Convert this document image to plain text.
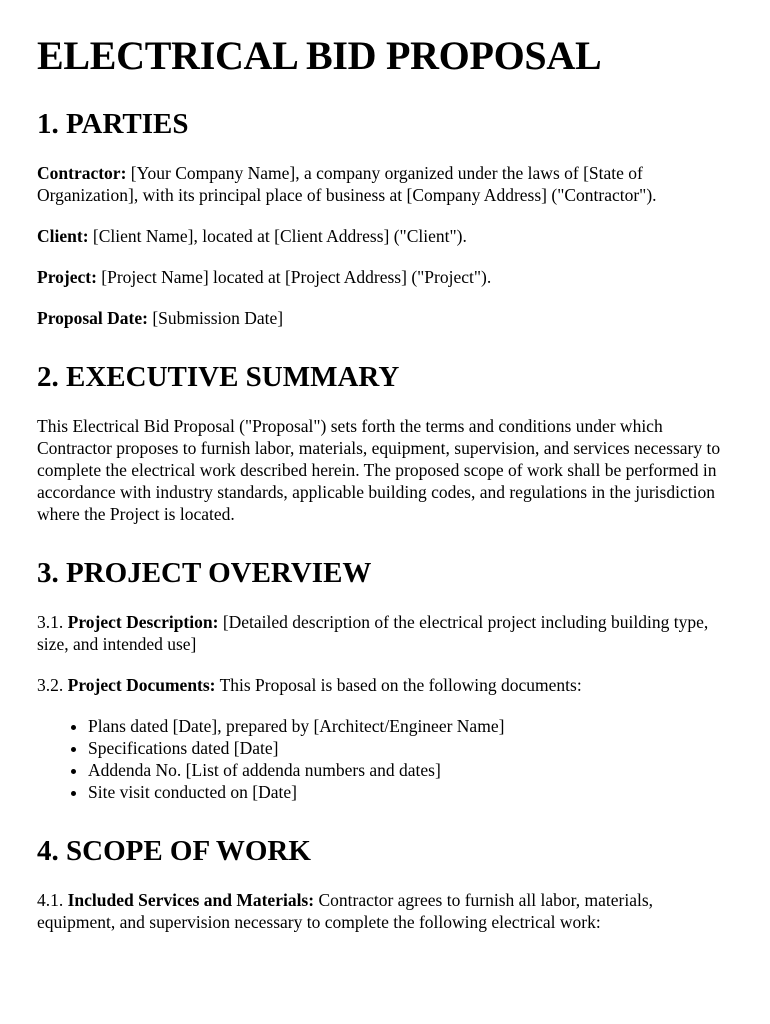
ELECTRICAL BID PROPOSAL
1. PARTIES

Contractor: [Your Company Name], a company organized under the laws of [State of Organization], with its principal place of business at [Company Address] ("Contractor").

Client: [Client Name], located at [Client Address] ("Client").

Project: [Project Name] located at [Project Address] ("Project").

Proposal Date: [Submission Date]

2. EXECUTIVE SUMMARY

This Electrical Bid Proposal ("Proposal") sets forth the terms and conditions under which Contractor proposes to furnish labor, materials, equipment, supervision, and services necessary to complete the electrical work described herein. The proposed scope of work shall be performed in accordance with industry standards, applicable building codes, and regulations in the jurisdiction where the Project is located.

3. PROJECT OVERVIEW

3.1. Project Description: [Detailed description of the electrical project including building type, size, and intended use]

3.2. Project Documents: This Proposal is based on the following documents:

• Plans dated [Date], prepared by [Architect/Engineer Name]
• Specifications dated [Date]
• Addenda No. [List of addenda numbers and dates]
• Site visit conducted on [Date]
4. SCOPE OF WORK

4.1. Included Services and Materials: Contractor agrees to furnish all labor, materials, equipment, and supervision necessary to complete the following electrical work:
